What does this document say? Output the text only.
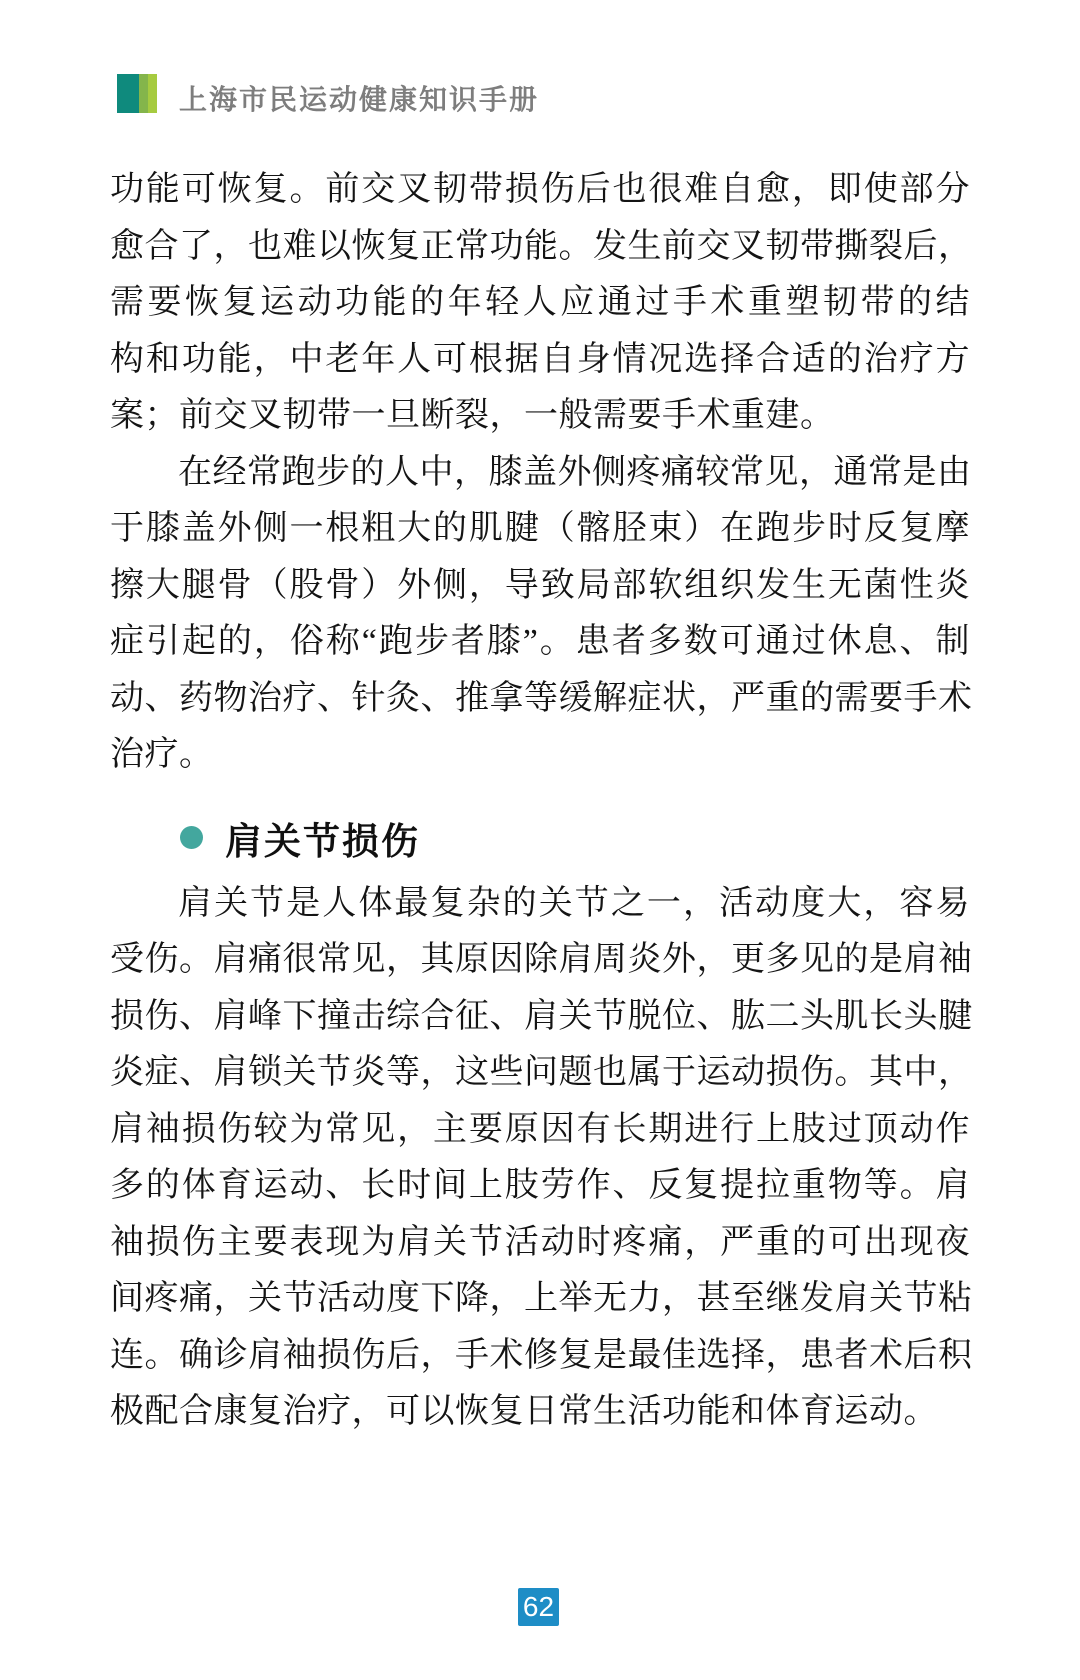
上海市民运动健康知识手册
功能可恢复。前交叉韧带损伤后也很难自愈，即使部分
愈合了，也难以恢复正常功能。发生前交叉韧带撕裂后，
需要恢复运动功能的年轻人应通过手术重塑韧带的结
构和功能，中老年人可根据自身情况选择合适的治疗方
案；前交叉韧带一旦断裂，一般需要手术重建。
在经常跑步的人中，膝盖外侧疼痛较常见，通常是由
于膝盖外侧一根粗大的肌腱（髂胫束）在跑步时反复摩
擦大腿骨（股骨）外侧，导致局部软组织发生无菌性炎
症引起的，俗称“跑步者膝”。患者多数可通过休息、制
动、药物治疗、针灸、推拿等缓解症状，严重的需要手术
治疗。
肩关节损伤
肩关节是人体最复杂的关节之一，活动度大，容易
受伤。肩痛很常见，其原因除肩周炎外，更多见的是肩袖
损伤、肩峰下撞击综合征、肩关节脱位、肱二头肌长头腱
炎症、肩锁关节炎等，这些问题也属于运动损伤。其中，
肩袖损伤较为常见，主要原因有长期进行上肢过顶动作
多的体育运动、长时间上肢劳作、反复提拉重物等。肩
袖损伤主要表现为肩关节活动时疼痛，严重的可出现夜
间疼痛，关节活动度下降，上举无力，甚至继发肩关节粘
连。确诊肩袖损伤后，手术修复是最佳选择，患者术后积
极配合康复治疗，可以恢复日常生活功能和体育运动。
62
